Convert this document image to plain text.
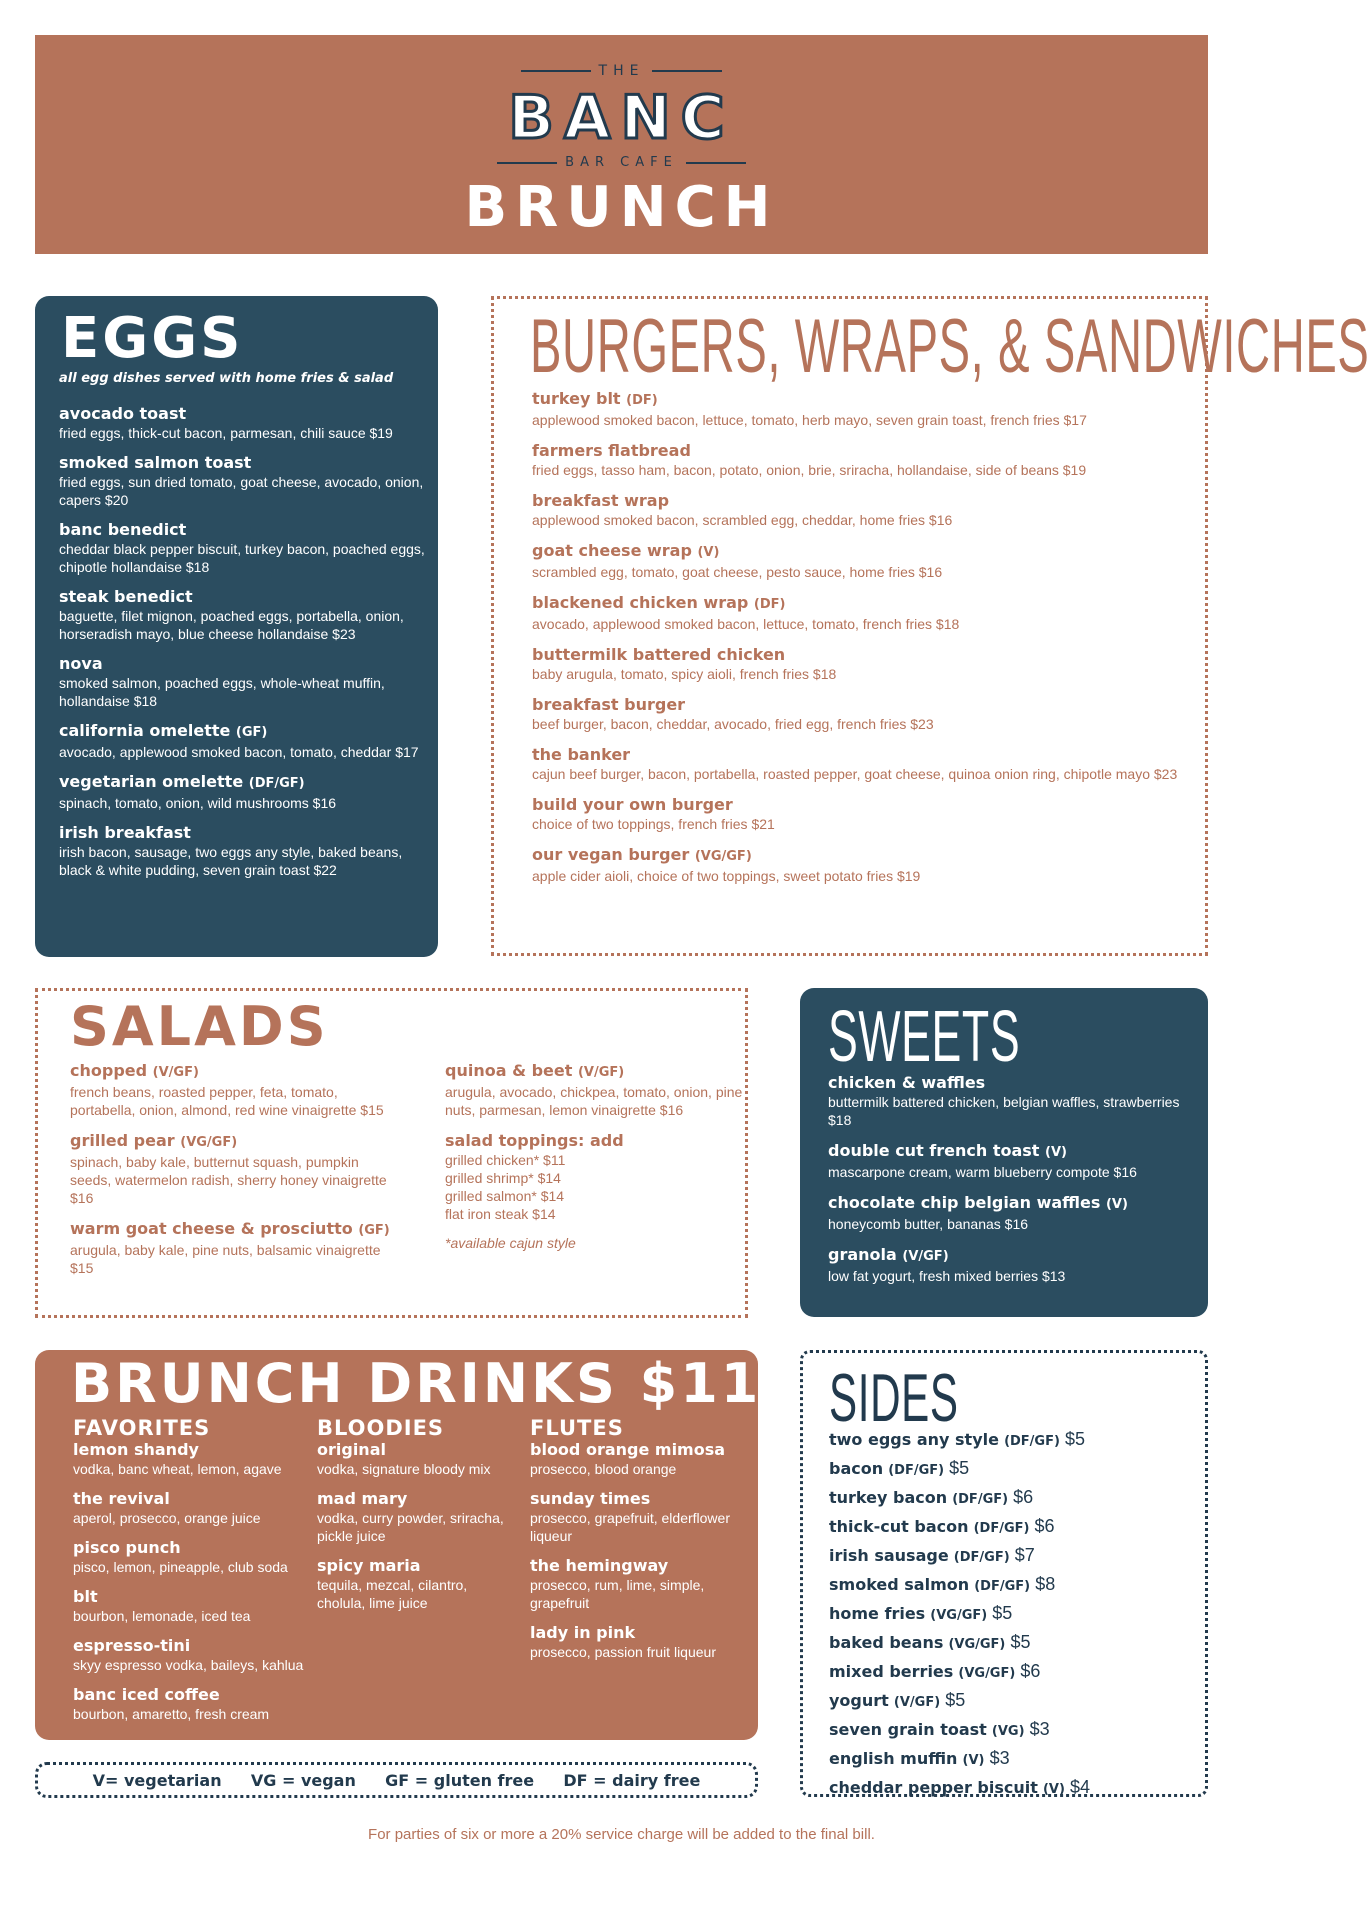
THE
BANC
BAR CAFE
BRUNCH
EGGS
all egg dishes served with home fries & salad
avocado toast
fried eggs, thick-cut bacon, parmesan, chili sauce $19
smoked salmon toast
fried eggs, sun dried tomato, goat cheese, avocado, onion, capers $20
banc benedict
cheddar black pepper biscuit, turkey bacon, poached eggs, chipotle hollandaise $18
steak benedict
baguette, filet mignon, poached eggs, portabella, onion, horseradish mayo, blue cheese hollandaise $23
nova
smoked salmon, poached eggs, whole-wheat muffin, hollandaise $18
california omelette (GF)
avocado, applewood smoked bacon, tomato, cheddar $17
vegetarian omelette (DF/GF)
spinach, tomato, onion, wild mushrooms $16
irish breakfast
irish bacon, sausage, two eggs any style, baked beans, black & white pudding, seven grain toast $22
BURGERS, WRAPS, & SANDWICHES
turkey blt (DF)
applewood smoked bacon, lettuce, tomato, herb mayo, seven grain toast, french fries $17
farmers flatbread
fried eggs, tasso ham, bacon, potato, onion, brie, sriracha, hollandaise, side of beans $19
breakfast wrap
applewood smoked bacon, scrambled egg, cheddar, home fries $16
goat cheese wrap (V)
scrambled egg, tomato, goat cheese, pesto sauce, home fries $16
blackened chicken wrap (DF)
avocado, applewood smoked bacon, lettuce, tomato, french fries $18
buttermilk battered chicken
baby arugula, tomato, spicy aioli, french fries $18
breakfast burger
beef burger, bacon, cheddar, avocado, fried egg, french fries $23
the banker
cajun beef burger, bacon, portabella, roasted pepper, goat cheese, quinoa onion ring, chipotle mayo $23
build your own burger
choice of two toppings, french fries $21
our vegan burger (VG/GF)
apple cider aioli, choice of two toppings, sweet potato fries $19
SALADS
chopped (V/GF)
french beans, roasted pepper, feta, tomato, portabella, onion, almond, red wine vinaigrette $15
grilled pear (VG/GF)
spinach, baby kale, butternut squash, pumpkin seeds, watermelon radish, sherry honey vinaigrette $16
warm goat cheese & prosciutto (GF)
arugula, baby kale, pine nuts, balsamic vinaigrette $15
quinoa & beet (V/GF)
arugula, avocado, chickpea, tomato, onion, pine nuts, parmesan, lemon vinaigrette $16
salad toppings: add
grilled chicken* $11
grilled shrimp* $14
grilled salmon* $14
flat iron steak $14
*available cajun style
SWEETS
chicken & waffles
buttermilk battered chicken, belgian waffles, strawberries $18
double cut french toast (V)
mascarpone cream, warm blueberry compote $16
chocolate chip belgian waffles (V)
honeycomb butter, bananas $16
granola (V/GF)
low fat yogurt, fresh mixed berries $13
BRUNCH DRINKS $11
FAVORITES
lemon shandy
vodka, banc wheat, lemon, agave
the revival
aperol, prosecco, orange juice
pisco punch
pisco, lemon, pineapple, club soda
blt
bourbon, lemonade, iced tea
espresso-tini
skyy espresso vodka, baileys, kahlua
banc iced coffee
bourbon, amaretto, fresh cream
BLOODIES
original
vodka, signature bloody mix
mad mary
vodka, curry powder, sriracha, pickle juice
spicy maria
tequila, mezcal, cilantro, cholula, lime juice
FLUTES
blood orange mimosa
prosecco, blood orange
sunday times
prosecco, grapefruit, elderflower liqueur
the hemingway
prosecco, rum, lime, simple, grapefruit
lady in pink
prosecco, passion fruit liqueur
SIDES
two eggs any style (DF/GF) $5
bacon (DF/GF) $5
turkey bacon (DF/GF) $6
thick-cut bacon (DF/GF) $6
irish sausage (DF/GF) $7
smoked salmon (DF/GF) $8
home fries (VG/GF) $5
baked beans (VG/GF) $5
mixed berries (VG/GF) $6
yogurt (V/GF) $5
seven grain toast (VG) $3
english muffin (V) $3
cheddar pepper biscuit (V) $4
V= vegetarian VG = vegan GF = gluten free DF = dairy free
For parties of six or more a 20% service charge will be added to the final bill.
